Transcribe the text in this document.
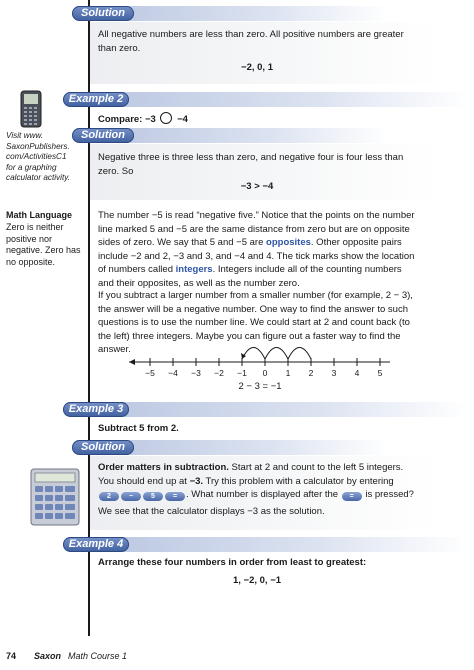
Solution
All negative numbers are less than zero. All positive numbers are greater than zero.
−2, 0, 1
Example 2
Compare: −3 −4
Visit www.
SaxonPublishers.
com/ActivitiesC1
for a graphing
calculator activity.
Solution
Negative three is three less than zero, and negative four is four less than zero. So
−3 > −4
Math Language
Zero is neither positive nor negative. Zero has no opposite.
The number −5 is read “negative five.” Notice that the points on the number line marked 5 and −5 are the same distance from zero but are on opposite sides of zero. We say that 5 and −5 are opposites. Other opposite pairs include −2 and 2, −3 and 3, and −4 and 4. The tick marks show the location of numbers called integers. Integers include all of the counting numbers and their opposites, as well as the number zero.
If you subtract a larger number from a smaller number (for example, 2 − 3), the answer will be a negative number. One way to find the answer to such questions is to use the number line. We could start at 2 and count back (to the left) three integers. Maybe you can figure out a faster way to find the answer.
−5 −4 −3 −2 −1 0 1 2 3 4 5
2 − 3 = −1
Example 3
Subtract 5 from 2.
Solution
Order matters in subtraction. Start at 2 and count to the left 5 integers. You should end up at −3. Try this problem with a calculator by entering
2	−	5	= . What number is displayed after the = is pressed?
We see that the calculator displays −3 as the solution.
Example 4
Arrange these four numbers in order from least to greatest:
1, −2, 0, −1
74 Saxon Math Course 1
